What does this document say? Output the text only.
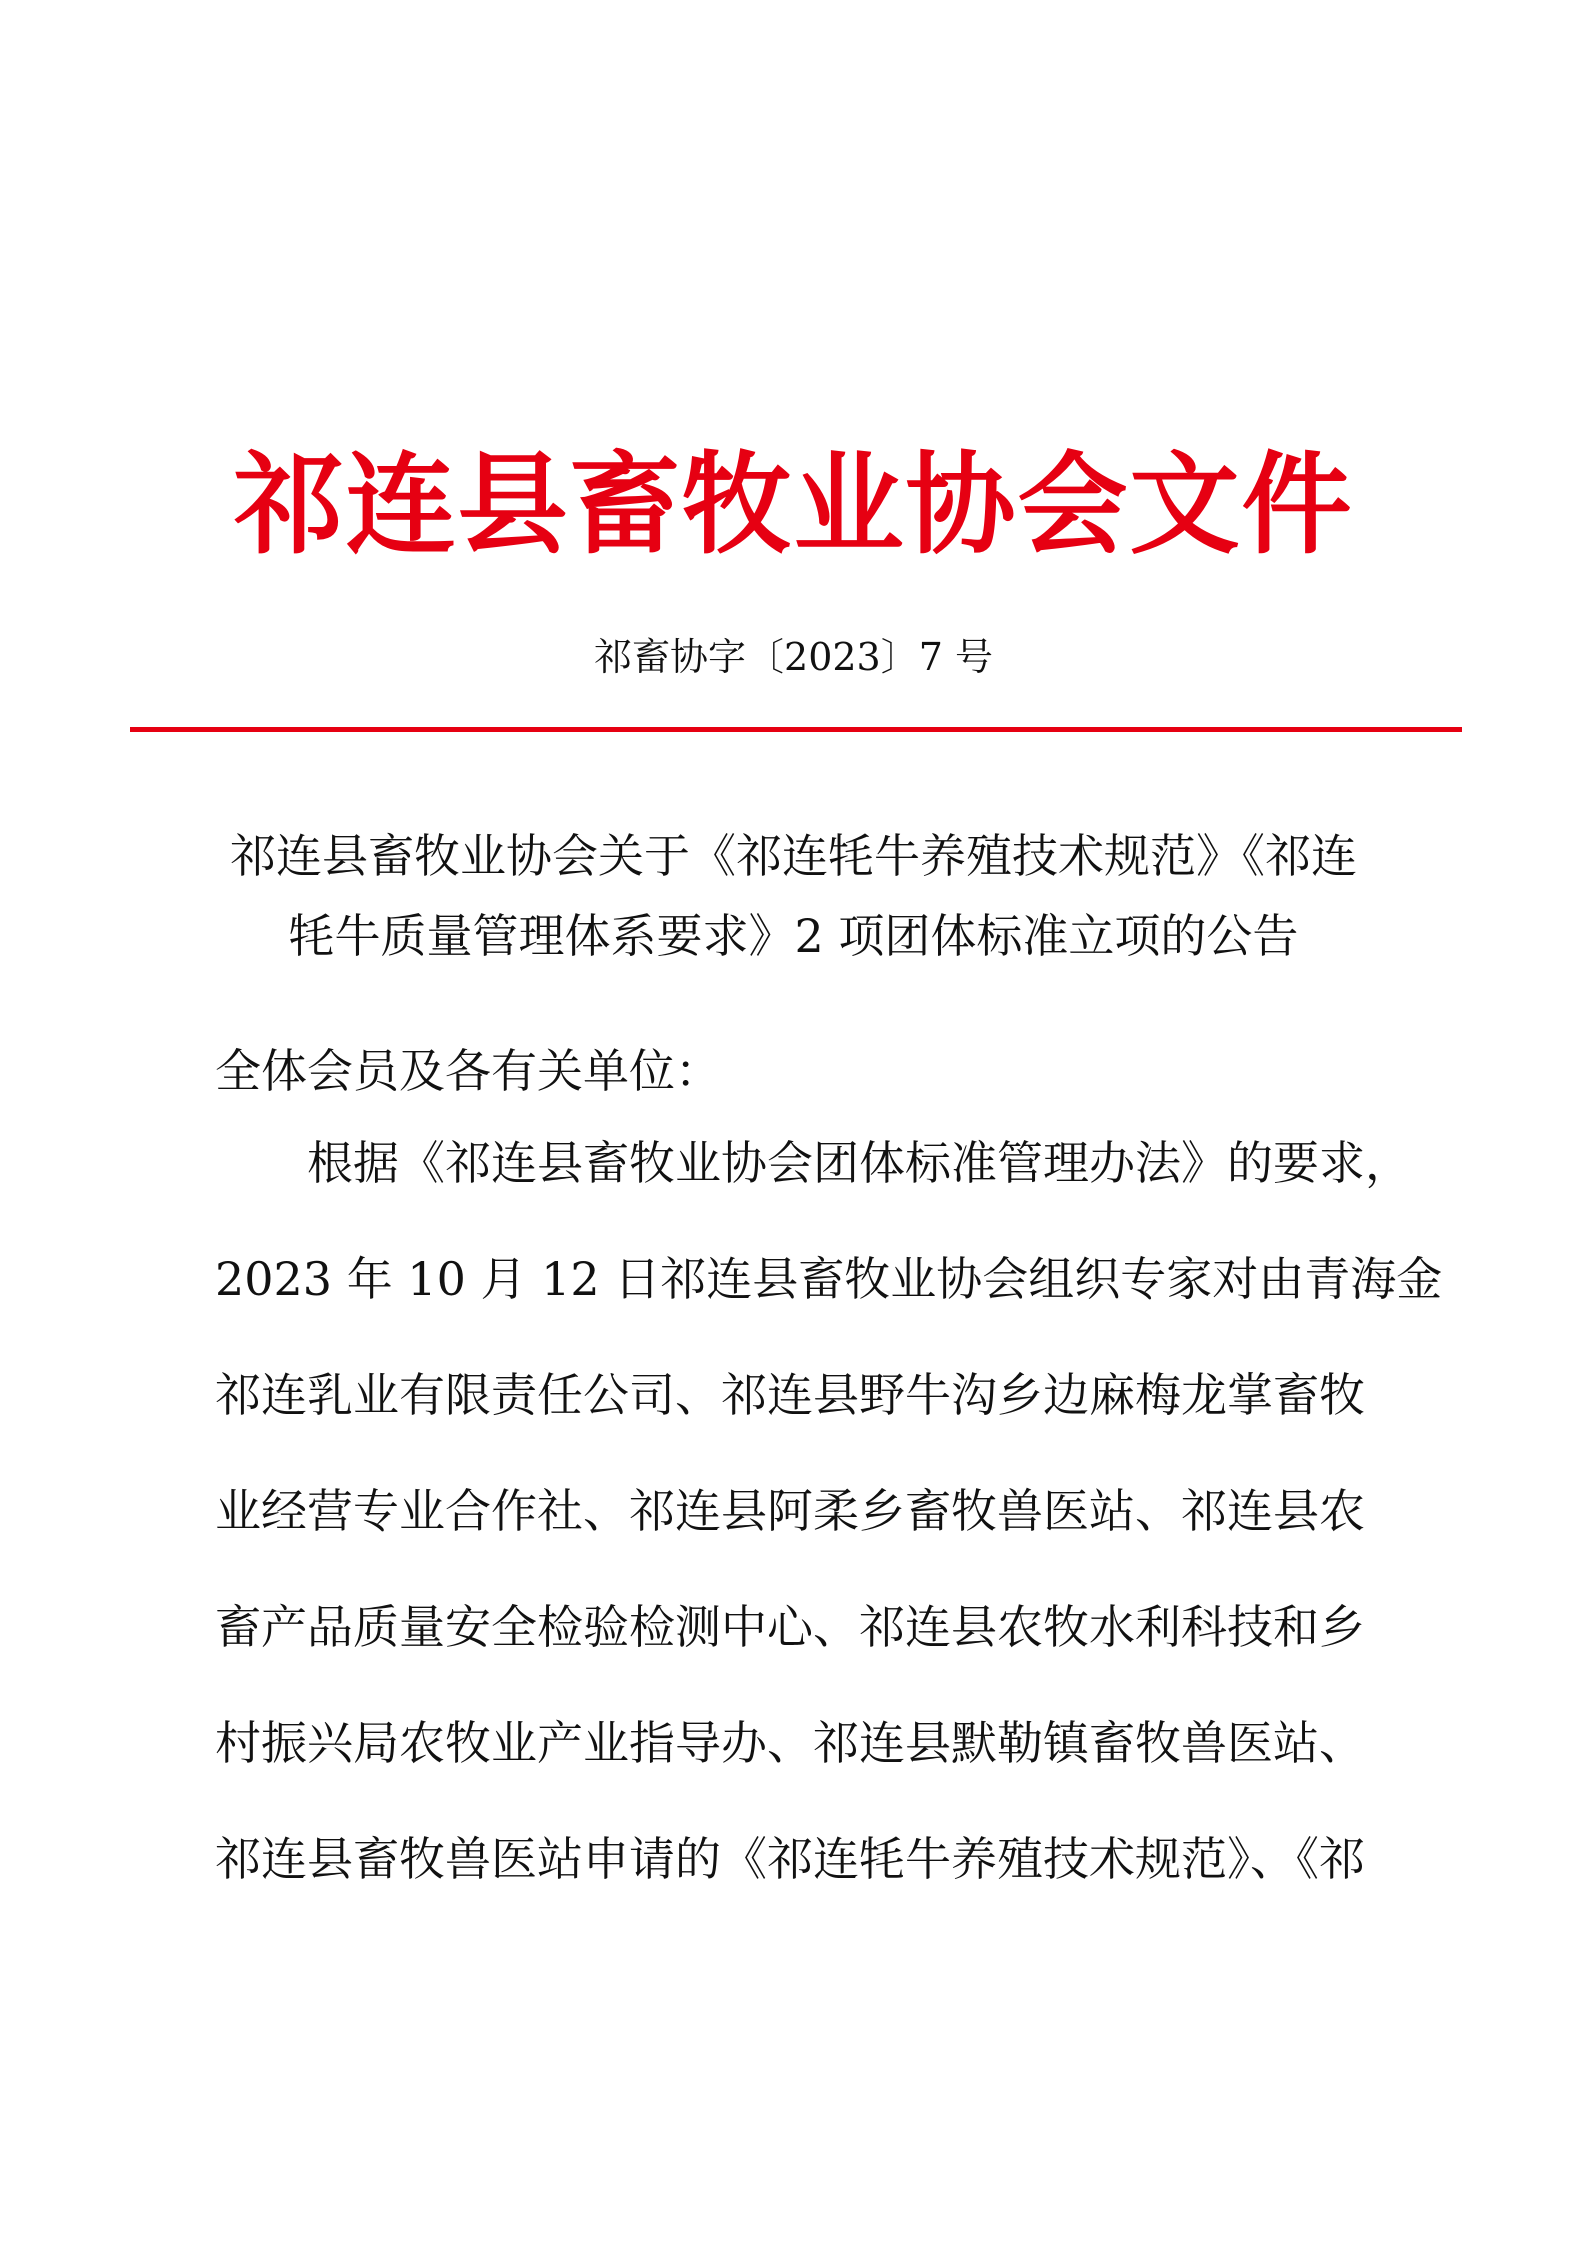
祁连县畜牧业协会文件
祁畜协字〔2023〕7 号
祁连县畜牧业协会关于《祁连牦牛养殖技术规范》《祁连
牦牛质量管理体系要求》2 项团体标准立项的公告
全体会员及各有关单位：
　　根据《祁连县畜牧业协会团体标准管理办法》的要求，
2023 年 10 月 12 日祁连县畜牧业协会组织专家对由青海金
祁连乳业有限责任公司、祁连县野牛沟乡边麻梅龙掌畜牧
业经营专业合作社、祁连县阿柔乡畜牧兽医站、祁连县农
畜产品质量安全检验检测中心、祁连县农牧水利科技和乡
村振兴局农牧业产业指导办、祁连县默勒镇畜牧兽医站、
祁连县畜牧兽医站申请的《祁连牦牛养殖技术规范》、《祁
